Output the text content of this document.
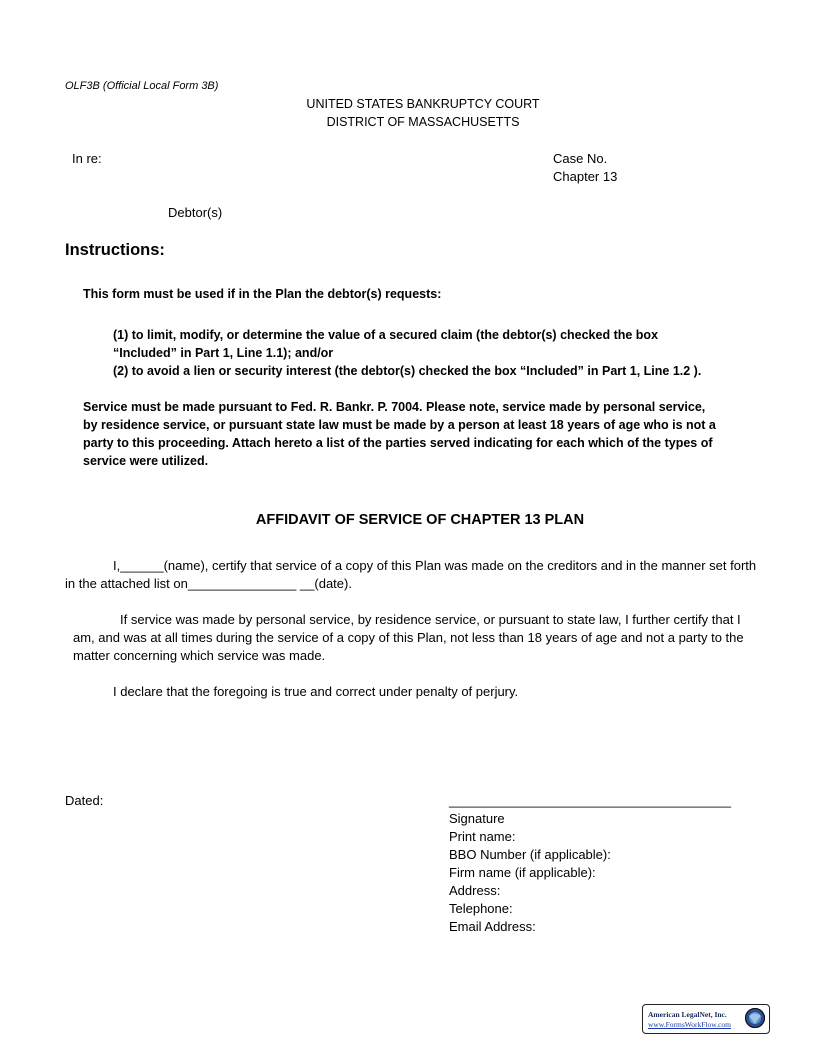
OLF3B (Official Local Form 3B)
UNITED STATES BANKRUPTCY COURT
DISTRICT OF MASSACHUSETTS
In re:	Case No.
Chapter 13
Debtor(s)
Instructions:
This form must be used if in the Plan the debtor(s) requests:
(1) to limit, modify, or determine the value of a secured claim (the debtor(s) checked the box
“Included” in Part 1, Line 1.1); and/or
(2) to avoid a lien or security interest (the debtor(s) checked the box “Included” in Part 1, Line 1.2 ).
Service must be made pursuant to Fed. R. Bankr. P. 7004. Please note, service made by personal service,
by residence service, or pursuant state law must be made by a person at least 18 years of age who is not a
party to this proceeding. Attach hereto a list of the parties served indicating for each which of the types of
service were utilized.
AFFIDAVIT OF SERVICE OF CHAPTER 13 PLAN
I,______(name), certify that service of a copy of this Plan was made on the creditors and in the manner set forth
in the attached list on_______________ __(date).
If service was made by personal service, by residence service, or pursuant to state law, I further certify that I
am, and was at all times during the service of a copy of this Plan, not less than 18 years of age and not a party to the
matter concerning which service was made.
I declare that the foregoing is true and correct under penalty of perjury.
Dated:	_______________________________________
Signature
Print name:
BBO Number (if applicable):
Firm name (if applicable):
Address:
Telephone:
Email Address:
American LegalNet, Inc.
www.FormsWorkFlow.com
